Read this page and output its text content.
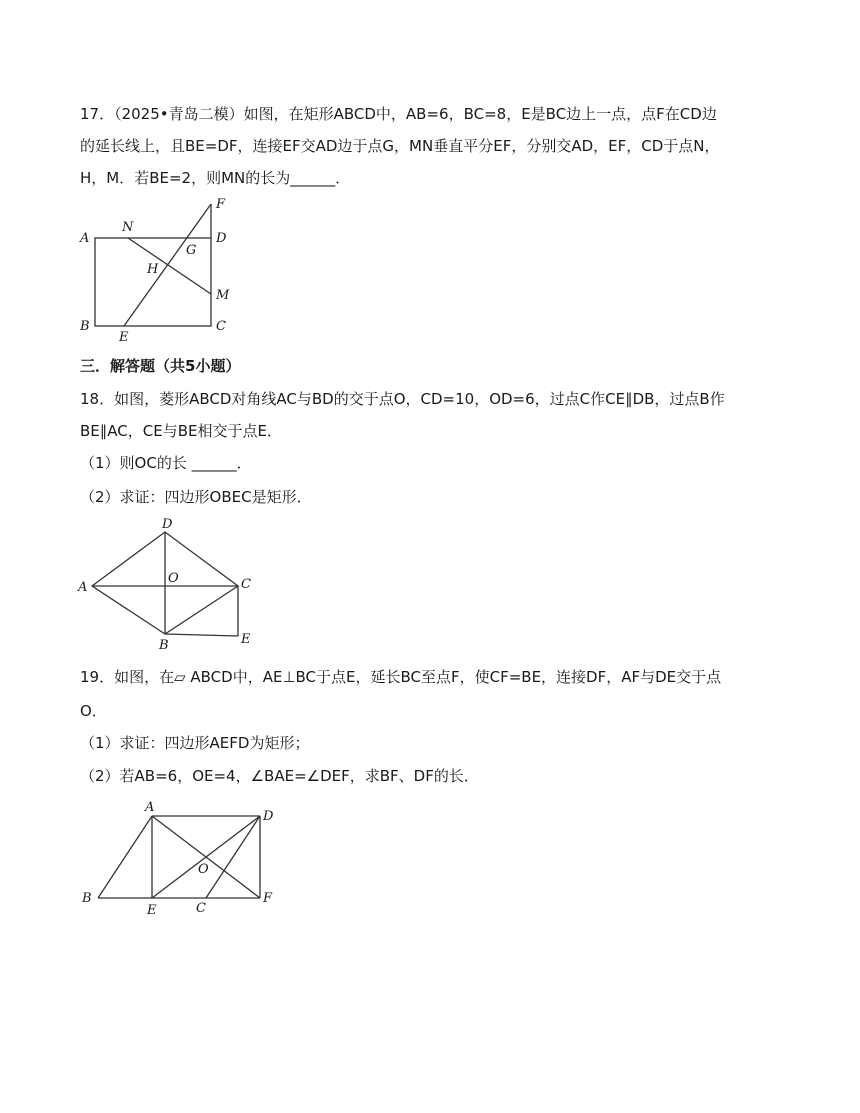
17．（2025•青岛二模）如图，在矩形ABCD中，AB=6，BC=8，E是BC边上一点，点F在CD边
的延长线上，且BE=DF，连接EF交AD边于点G，MN垂直平分EF，分别交AD，EF，CD于点N，
H，M．若BE=2，则MN的长为______．
A
N
G
D
F
H
M
B
E
C
三．解答题（共5小题）
18．如图，菱形ABCD对角线AC与BD的交于点O，CD=10，OD=6，过点C作CE∥DB，过点B作
BE∥AC，CE与BE相交于点E．
（1）则OC的长 ______．
（2）求证：四边形OBEC是矩形．
D
A
O	C
B	E
19．如图，在▱ ABCD中，AE⊥BC于点E，延长BC至点F，使CF=BE，连接DF，AF与DE交于点
O．
（1）求证：四边形AEFD为矩形；
（2）若AB=6，OE=4，∠BAE=∠DEF，求BF、DF的长．
A
D
O
B
E	C
F
